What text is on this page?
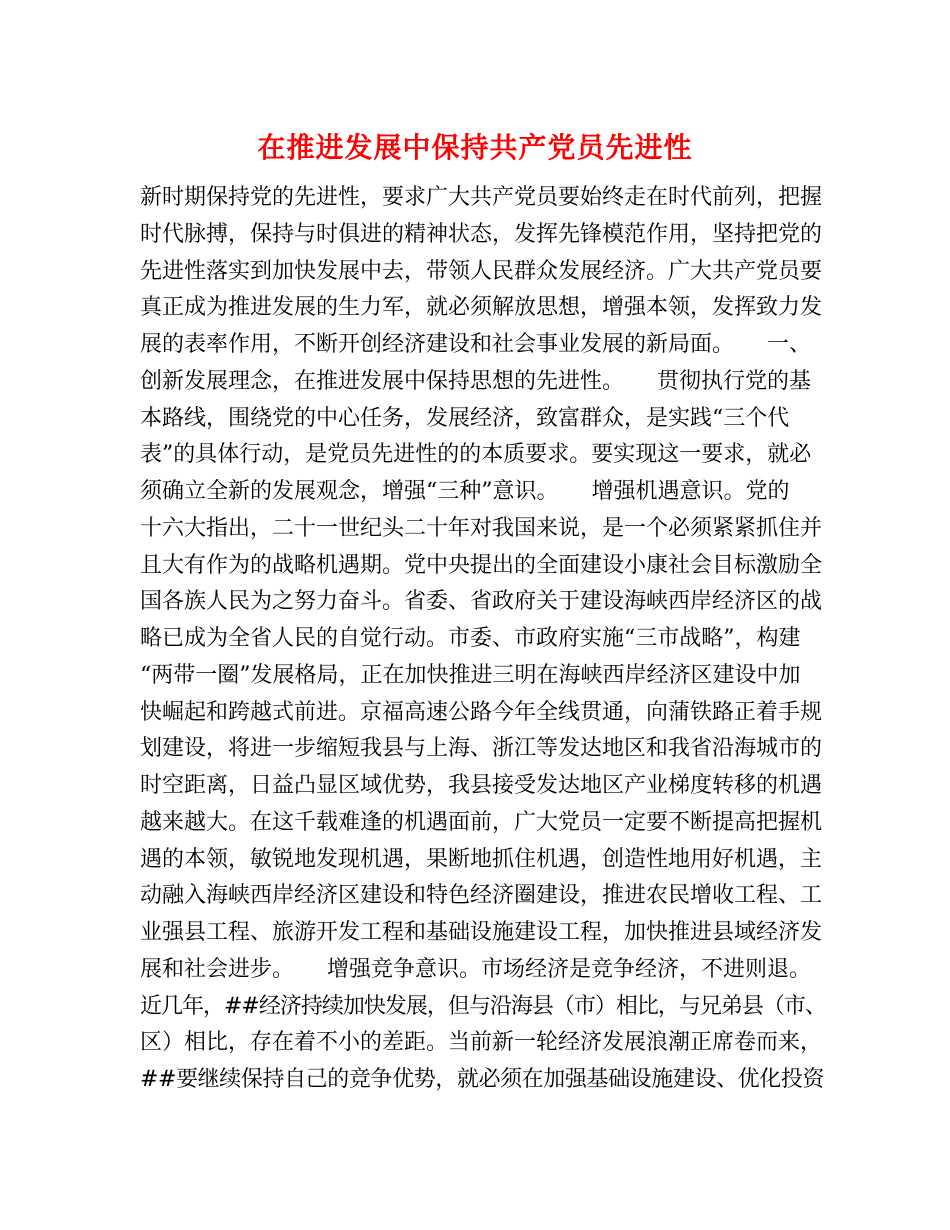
在推进发展中保持共产党员先进性
新时期保持党的先进性，要求广大共产党员要始终走在时代前列，把握
时代脉搏，保持与时俱进的精神状态，发挥先锋模范作用，坚持把党的
先进性落实到加快发展中去，带领人民群众发展经济。广大共产党员要
真正成为推进发展的生力军，就必须解放思想，增强本领，发挥致力发
展的表率作用，不断开创经济建设和社会事业发展的新局面。　　一、
创新发展理念，在推进发展中保持思想的先进性。　　贯彻执行党的基
本路线，围绕党的中心任务，发展经济，致富群众，是实践“三个代
表”的具体行动，是党员先进性的的本质要求。要实现这一要求，就必
须确立全新的发展观念，增强“三种”意识。　　增强机遇意识。党的
十六大指出，二十一世纪头二十年对我国来说，是一个必须紧紧抓住并
且大有作为的战略机遇期。党中央提出的全面建设小康社会目标激励全
国各族人民为之努力奋斗。省委、省政府关于建设海峡西岸经济区的战
略已成为全省人民的自觉行动。市委、市政府实施“三市战略”，构建
“两带一圈”发展格局，正在加快推进三明在海峡西岸经济区建设中加
快崛起和跨越式前进。京福高速公路今年全线贯通，向蒲铁路正着手规
划建设，将进一步缩短我县与上海、浙江等发达地区和我省沿海城市的
时空距离，日益凸显区域优势，我县接受发达地区产业梯度转移的机遇
越来越大。在这千载难逢的机遇面前，广大党员一定要不断提高把握机
遇的本领，敏锐地发现机遇，果断地抓住机遇，创造性地用好机遇，主
动融入海峡西岸经济区建设和特色经济圈建设，推进农民增收工程、工
业强县工程、旅游开发工程和基础设施建设工程，加快推进县域经济发
展和社会进步。　　增强竞争意识。市场经济是竞争经济，不进则退。
近几年，##经济持续加快发展，但与沿海县（市）相比，与兄弟县（市、
区）相比，存在着不小的差距。当前新一轮经济发展浪潮正席卷而来，
##要继续保持自己的竞争优势，就必须在加强基础设施建设、优化投资
